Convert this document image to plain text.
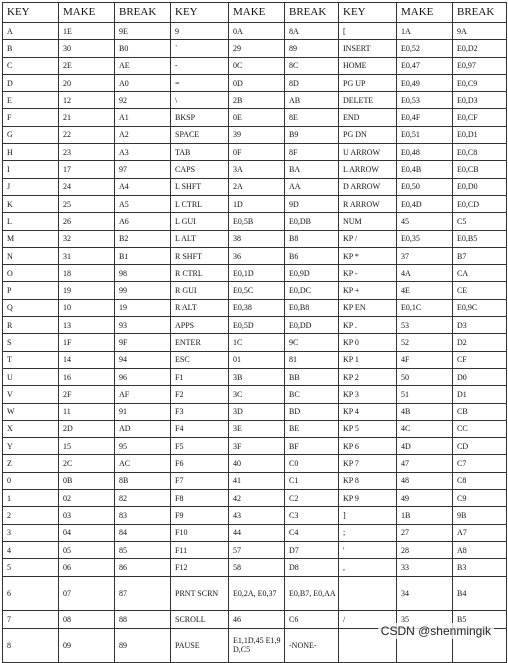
KEY	MAKE	BREAK	KEY	MAKE	BREAK	KEY	MAKE	BREAK
A	1E	9E	9	0A	8A	[	1A	9A
B	30	B0	`	29	89	INSERT	E0,52	E0,D2
C	2E	AE	-	0C	8C	HOME	E0,47	E0,97
D	20	A0	=	0D	8D	PG UP	E0,49	E0,C9
E	12	92	\	2B	AB	DELETE	E0,53	E0,D3
F	21	A1	BKSP	0E	8E	END	E0,4F	E0,CF
G	22	A2	SPACE	39	B9	PG DN	E0,51	E0,D1
H	23	A3	TAB	0F	8F	U ARROW	E0,48	E0,C8
I	17	97	CAPS	3A	BA	L ARROW	E0,4B	E0,CB
J	24	A4	L SHFT	2A	AA	D ARROW	E0,50	E0,D0
K	25	A5	L CTRL	1D	9D	R ARROW	E0,4D	E0,CD
L	26	A6	L GUI	E0,5B	E0,DB	NUM	45	C5
M	32	B2	L ALT	38	B8	KP /	E0,35	E0,B5
N	31	B1	R SHFT	36	B6	KP *	37	B7
O	18	98	R CTRL	E0,1D	E0,9D	KP -	4A	CA
P	19	99	R GUI	E0,5C	E0,DC	KP +	4E	CE
Q	10	19	R ALT	E0,38	E0,B8	KP EN	E0,1C	E0,9C
R	13	93	APPS	E0,5D	E0,DD	KP .	53	D3
S	1F	9F	ENTER	1C	9C	KP 0	52	D2
T	14	94	ESC	01	81	KP 1	4F	CF
U	16	96	F1	3B	BB	KP 2	50	D0
V	2F	AF	F2	3C	BC	KP 3	51	D1
W	11	91	F3	3D	BD	KP 4	4B	CB
X	2D	AD	F4	3E	BE	KP 5	4C	CC
Y	15	95	F5	3F	BF	KP 6	4D	CD
Z	2C	AC	F6	40	C0	KP 7	47	C7
0	0B	8B	F7	41	C1	KP 8	48	C8
1	02	82	F8	42	C2	KP 9	49	C9
2	03	83	F9	43	C3	]	1B	9B
3	04	84	F10	44	C4	;	27	A7
4	05	85	F11	57	D7	'	28	A8
5	06	86	F12	58	D8	,	33	B3
6	07	87	PRNT SCRN	E0,2A, E0,37	E0,B7, E0,AA		34	B4
7	08	88	SCROLL	46	C6	/	35	B5
8	09	89	PAUSE	E1,1D,45 E1,9D,C5	-NONE-			
CSDN @shenmingik
